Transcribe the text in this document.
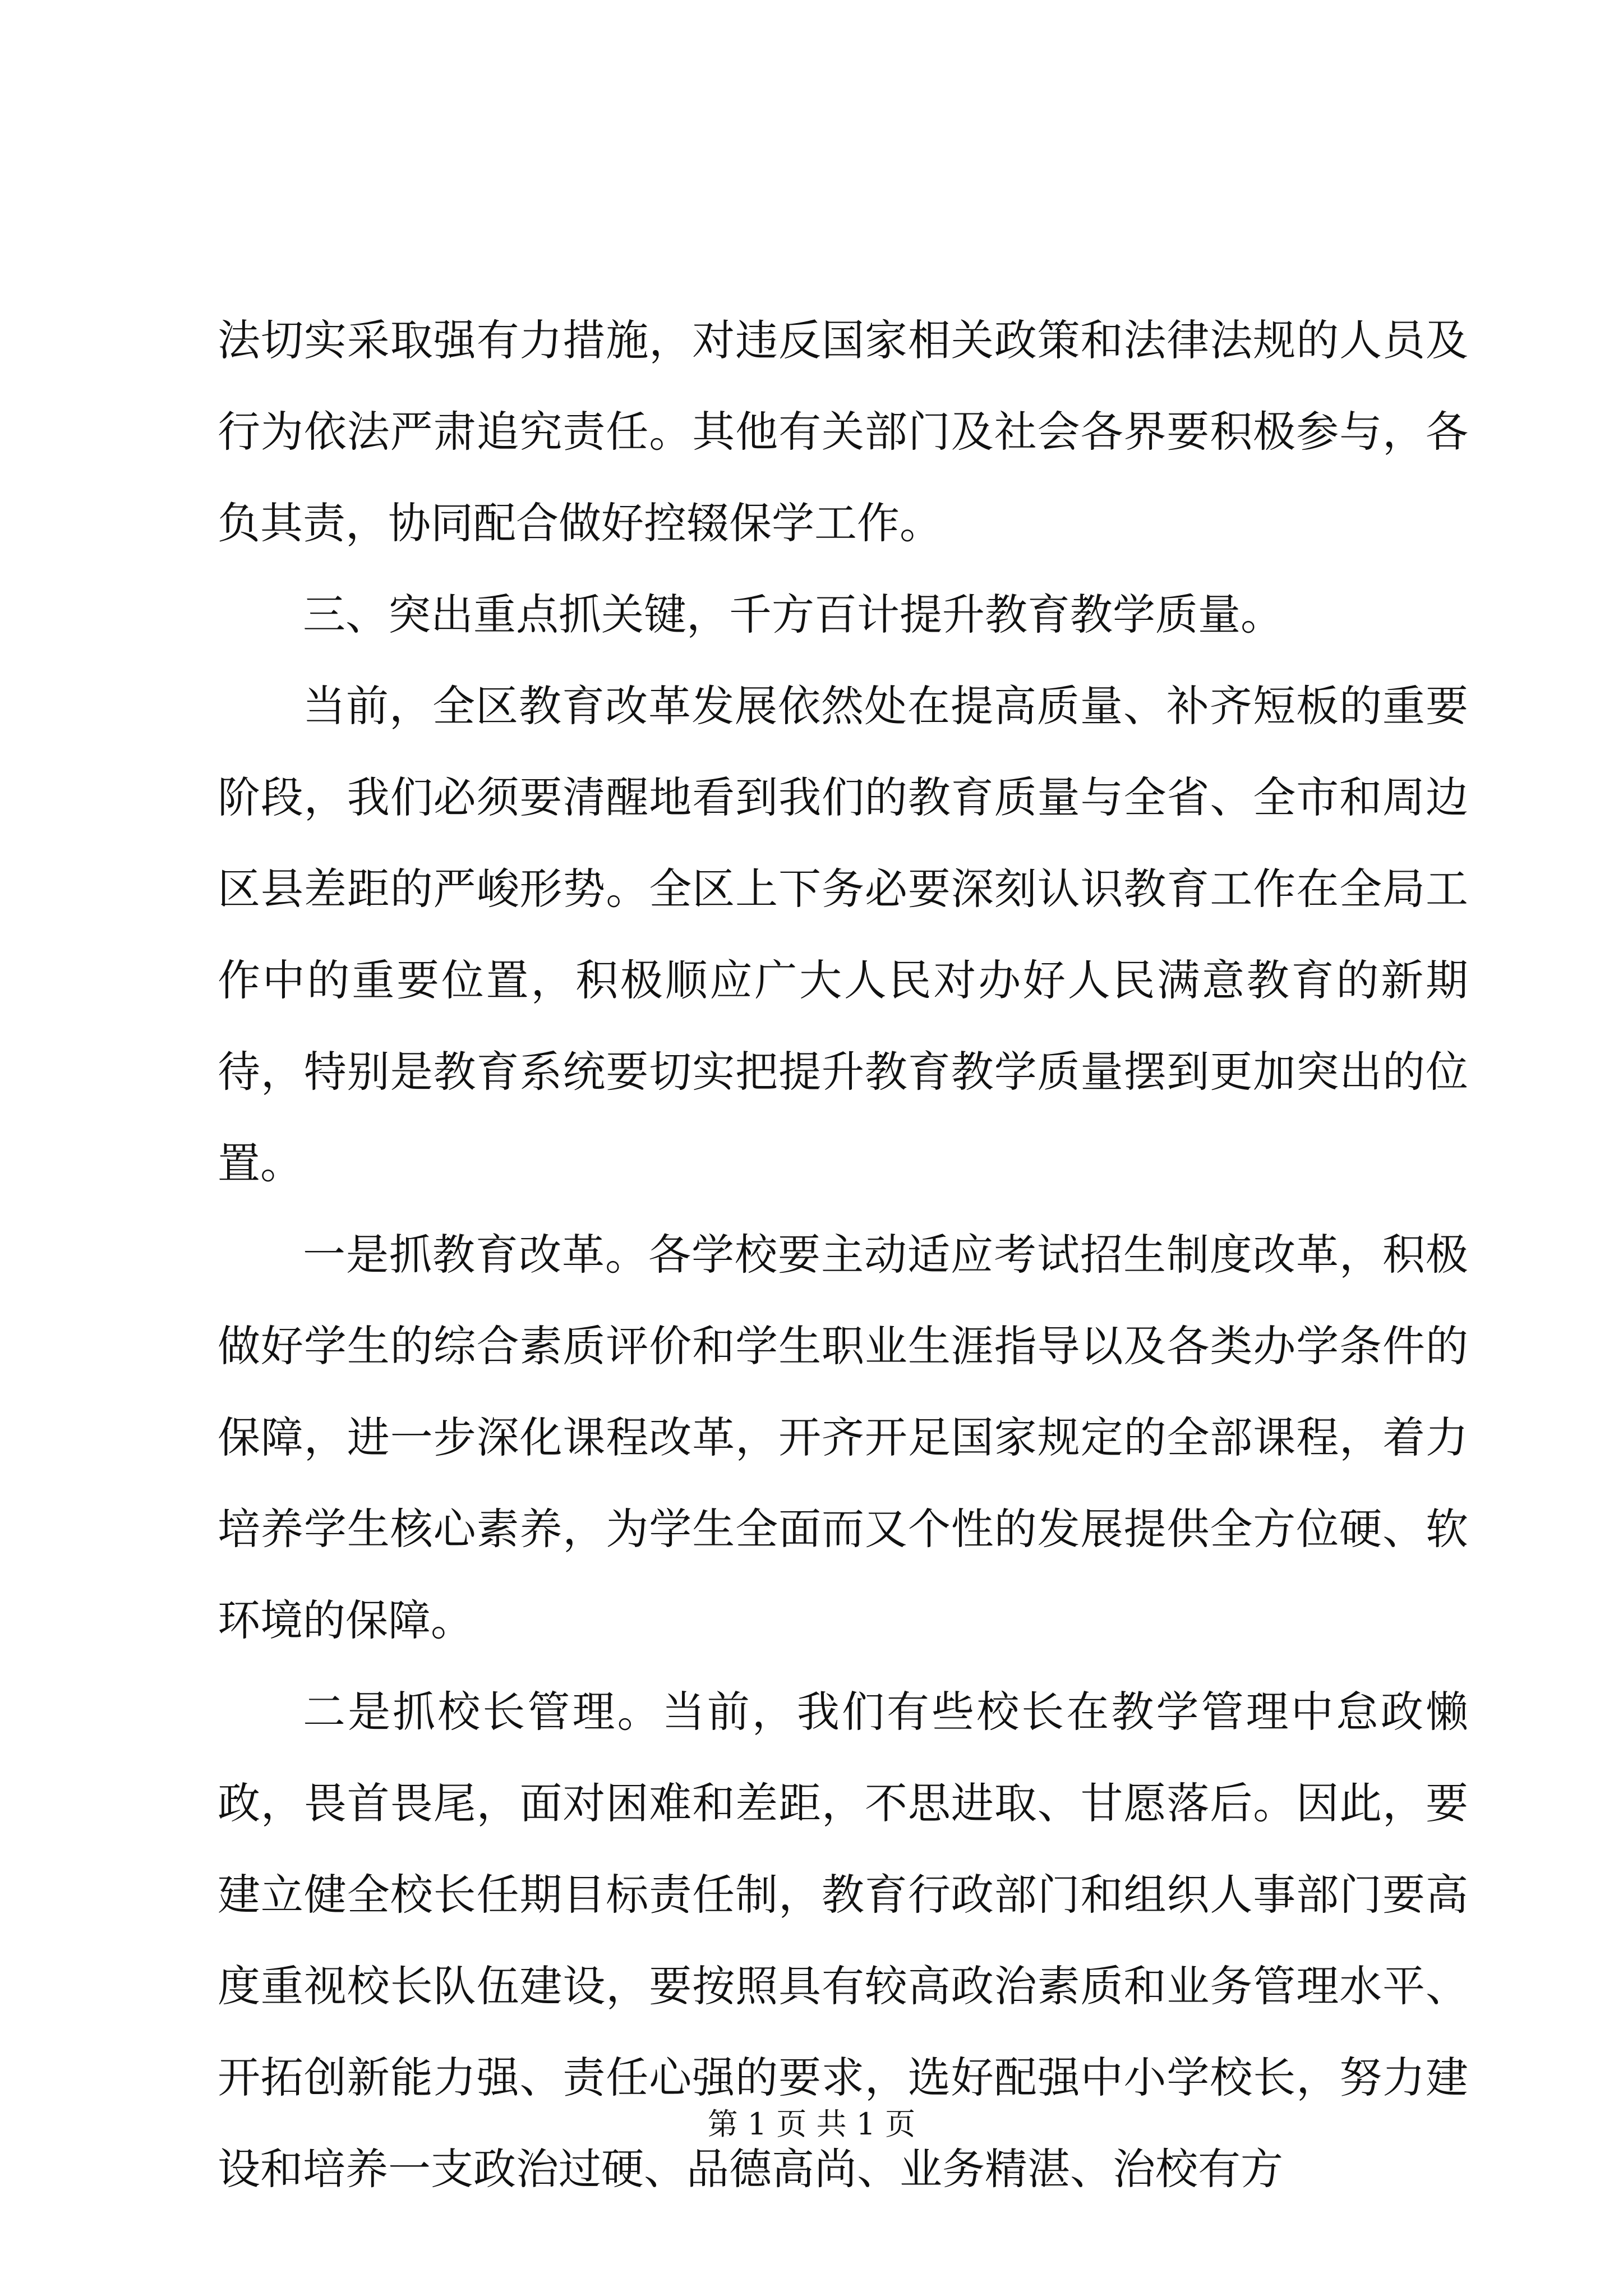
法切实采取强有力措施，对违反国家相关政策和法律法规的人员及行为依法严肃追究责任。其他有关部门及社会各界要积极参与，各负其责，协同配合做好控辍保学工作。

三、突出重点抓关键，千方百计提升教育教学质量。

当前，全区教育改革发展依然处在提高质量、补齐短板的重要阶段，我们必须要清醒地看到我们的教育质量与全省、全市和周边区县差距的严峻形势。全区上下务必要深刻认识教育工作在全局工作中的重要位置，积极顺应广大人民对办好人民满意教育的新期待，特别是教育系统要切实把提升教育教学质量摆到更加突出的位置。

一是抓教育改革。各学校要主动适应考试招生制度改革，积极做好学生的综合素质评价和学生职业生涯指导以及各类办学条件的保障，进一步深化课程改革，开齐开足国家规定的全部课程，着力培养学生核心素养，为学生全面而又个性的发展提供全方位硬、软环境的保障。

二是抓校长管理。当前，我们有些校长在教学管理中怠政懒政，畏首畏尾，面对困难和差距，不思进取、甘愿落后。因此，要建立健全校长任期目标责任制，教育行政部门和组织人事部门要高度重视校长队伍建设，要按照具有较高政治素质和业务管理水平、开拓创新能力强、责任心强的要求，选好配强中小学校长，努力建设和培养一支政治过硬、品德高尚、业务精湛、治校有方

第 1 页 共 1 页
